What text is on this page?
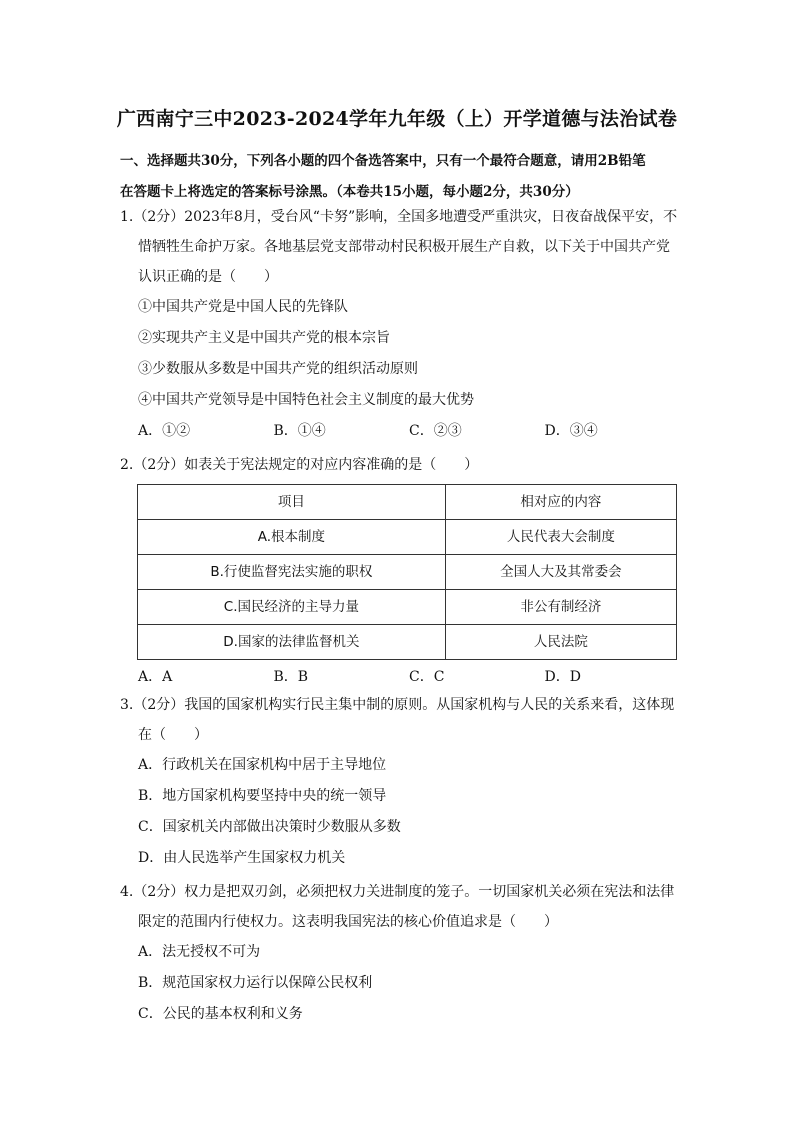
广西南宁三中2023-2024学年九年级（上）开学道德与法治试卷
一、选择题共30分，下列各小题的四个备选答案中，只有一个最符合题意，请用2B铅笔
在答题卡上将选定的答案标号涂黑。（本卷共15小题，每小题2分，共30分）
1.（2分）2023年8月，受台风“卡努”影响，全国多地遭受严重洪灾，日夜奋战保平安，不惜牺牲生命护万家。各地基层党支部带动村民积极开展生产自救，以下关于中国共产党认识正确的是（　　）
①中国共产党是中国人民的先锋队
②实现共产主义是中国共产党的根本宗旨
③少数服从多数是中国共产党的组织活动原则
④中国共产党领导是中国特色社会主义制度的最大优势
A．①②	B．①④	C．②③	D．③④
2.（2分）如表关于宪法规定的对应内容准确的是（　　）
项目	相对应的内容
A.根本制度	人民代表大会制度
B.行使监督宪法实施的职权	全国人大及其常委会
C.国民经济的主导力量	非公有制经济
D.国家的法律监督机关	人民法院
A．A	B．B	C．C	D．D
3.（2分）我国的国家机构实行民主集中制的原则。从国家机构与人民的关系来看，这体现在（　　）
A．行政机关在国家机构中居于主导地位
B．地方国家机构要坚持中央的统一领导
C．国家机关内部做出决策时少数服从多数
D．由人民选举产生国家权力机关
4.（2分）权力是把双刃剑，必须把权力关进制度的笼子。一切国家机关必须在宪法和法律限定的范围内行使权力。这表明我国宪法的核心价值追求是（　　）
A．法无授权不可为
B．规范国家权力运行以保障公民权利
C．公民的基本权利和义务
